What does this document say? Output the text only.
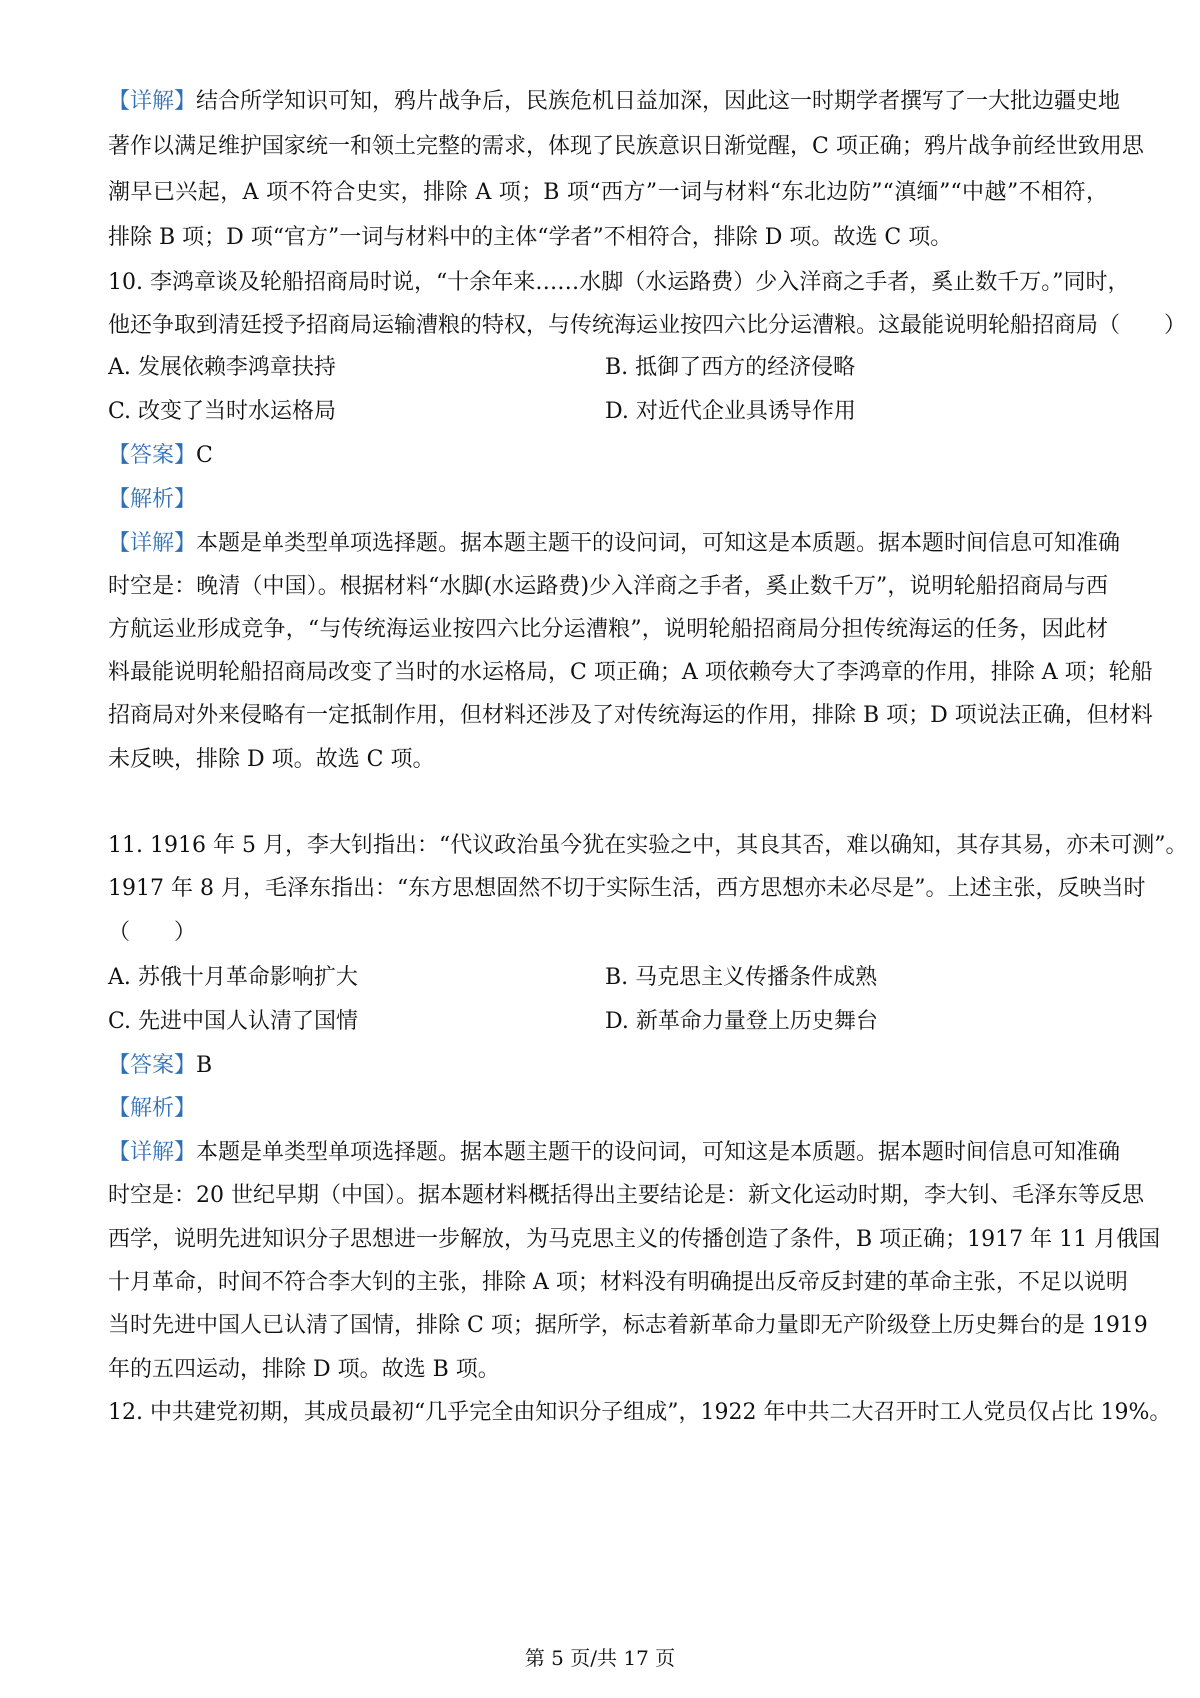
【详解】结合所学知识可知，鸦片战争后，民族危机日益加深，因此这一时期学者撰写了一大批边疆史地
著作以满足维护国家统一和领土完整的需求，体现了民族意识日渐觉醒，C 项正确；鸦片战争前经世致用思
潮早已兴起，A 项不符合史实，排除 A 项；B 项“西方”一词与材料“东北边防”“滇缅”“中越”不相符，
排除 B 项；D 项“官方”一词与材料中的主体“学者”不相符合，排除 D 项。故选 C 项。
10. 李鸿章谈及轮船招商局时说，“十余年来……水脚（水运路费）少入洋商之手者，奚止数千万。”同时，
他还争取到清廷授予招商局运输漕粮的特权，与传统海运业按四六比分运漕粮。这最能说明轮船招商局（　　）
A. 发展依赖李鸿章扶持	B. 抵御了西方的经济侵略
C. 改变了当时水运格局	D. 对近代企业具诱导作用
【答案】C
【解析】
【详解】本题是单类型单项选择题。据本题主题干的设问词，可知这是本质题。据本题时间信息可知准确
时空是：晚清（中国）。根据材料“水脚(水运路费)少入洋商之手者，奚止数千万”，说明轮船招商局与西
方航运业形成竞争，“与传统海运业按四六比分运漕粮”，说明轮船招商局分担传统海运的任务，因此材
料最能说明轮船招商局改变了当时的水运格局，C 项正确；A 项依赖夸大了李鸿章的作用，排除 A 项；轮船
招商局对外来侵略有一定抵制作用，但材料还涉及了对传统海运的作用，排除 B 项；D 项说法正确，但材料
未反映，排除 D 项。故选 C 项。
11. 1916 年 5 月，李大钊指出：“代议政治虽今犹在实验之中，其良其否，难以确知，其存其易，亦未可测”。
1917 年 8 月，毛泽东指出：“东方思想固然不切于实际生活，西方思想亦未必尽是”。上述主张，反映当时
（　　）
A. 苏俄十月革命影响扩大	B. 马克思主义传播条件成熟
C. 先进中国人认清了国情	D. 新革命力量登上历史舞台
【答案】B
【解析】
【详解】本题是单类型单项选择题。据本题主题干的设问词，可知这是本质题。据本题时间信息可知准确
时空是：20 世纪早期（中国）。据本题材料概括得出主要结论是：新文化运动时期，李大钊、毛泽东等反思
西学，说明先进知识分子思想进一步解放，为马克思主义的传播创造了条件，B 项正确；1917 年 11 月俄国
十月革命，时间不符合李大钊的主张，排除 A 项；材料没有明确提出反帝反封建的革命主张，不足以说明
当时先进中国人已认清了国情，排除 C 项；据所学，标志着新革命力量即无产阶级登上历史舞台的是 1919
年的五四运动，排除 D 项。故选 B 项。
12. 中共建党初期，其成员最初“几乎完全由知识分子组成”，1922 年中共二大召开时工人党员仅占比 19%。
第 5 页/共 17 页
